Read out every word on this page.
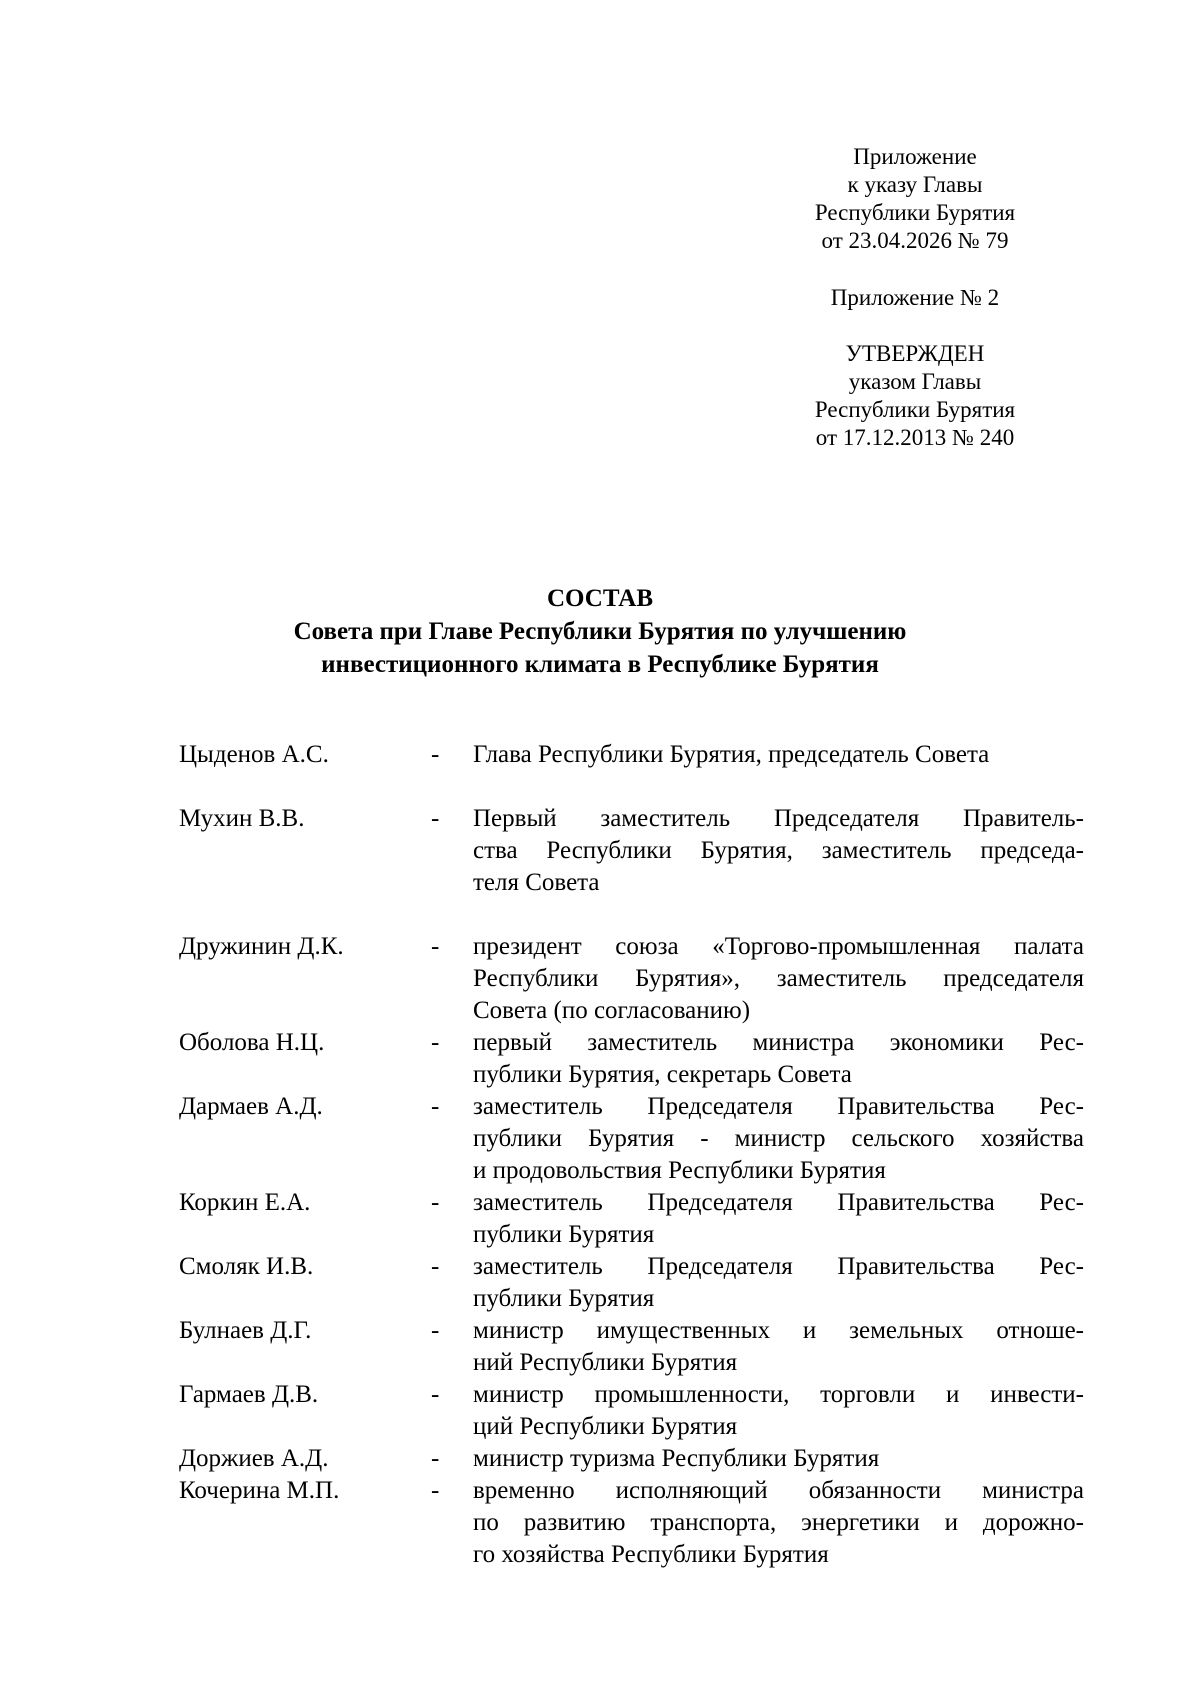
Приложение
к указу Главы
Республики Бурятия
от 23.04.2026 № 79
Приложение № 2
УТВЕРЖДЕН
указом Главы
Республики Бурятия
от 17.12.2013 № 240
СОСТАВ
Совета при Главе Республики Бурятия по улучшению
инвестиционного климата в Республике Бурятия
Цыденов А.С.	-	Глава Республики Бурятия, председатель Совета
Мухин В.В.	-	Первый заместитель Председателя Правитель-
ства Республики Бурятия, заместитель председа-
теля Совета
Дружинин Д.К.	-	президент союза «Торгово-промышленная палата
Республики Бурятия», заместитель председателя
Совета (по согласованию)
Оболова Н.Ц.	-	первый заместитель министра экономики Рес-
публики Бурятия, секретарь Совета
Дармаев А.Д.	-	заместитель Председателя Правительства Рес-
публики Бурятия - министр сельского хозяйства
и продовольствия Республики Бурятия
Коркин Е.А.	-	заместитель Председателя Правительства Рес-
публики Бурятия
Смоляк И.В.	-	заместитель Председателя Правительства Рес-
публики Бурятия
Булнаев Д.Г.	-	министр имущественных и земельных отноше-
ний Республики Бурятия
Гармаев Д.В.	-	министр промышленности, торговли и инвести-
ций Республики Бурятия
Доржиев А.Д.	-	министр туризма Республики Бурятия
Кочерина М.П.	-	временно исполняющий обязанности министра
по развитию транспорта, энергетики и дорожно-
го хозяйства Республики Бурятия
